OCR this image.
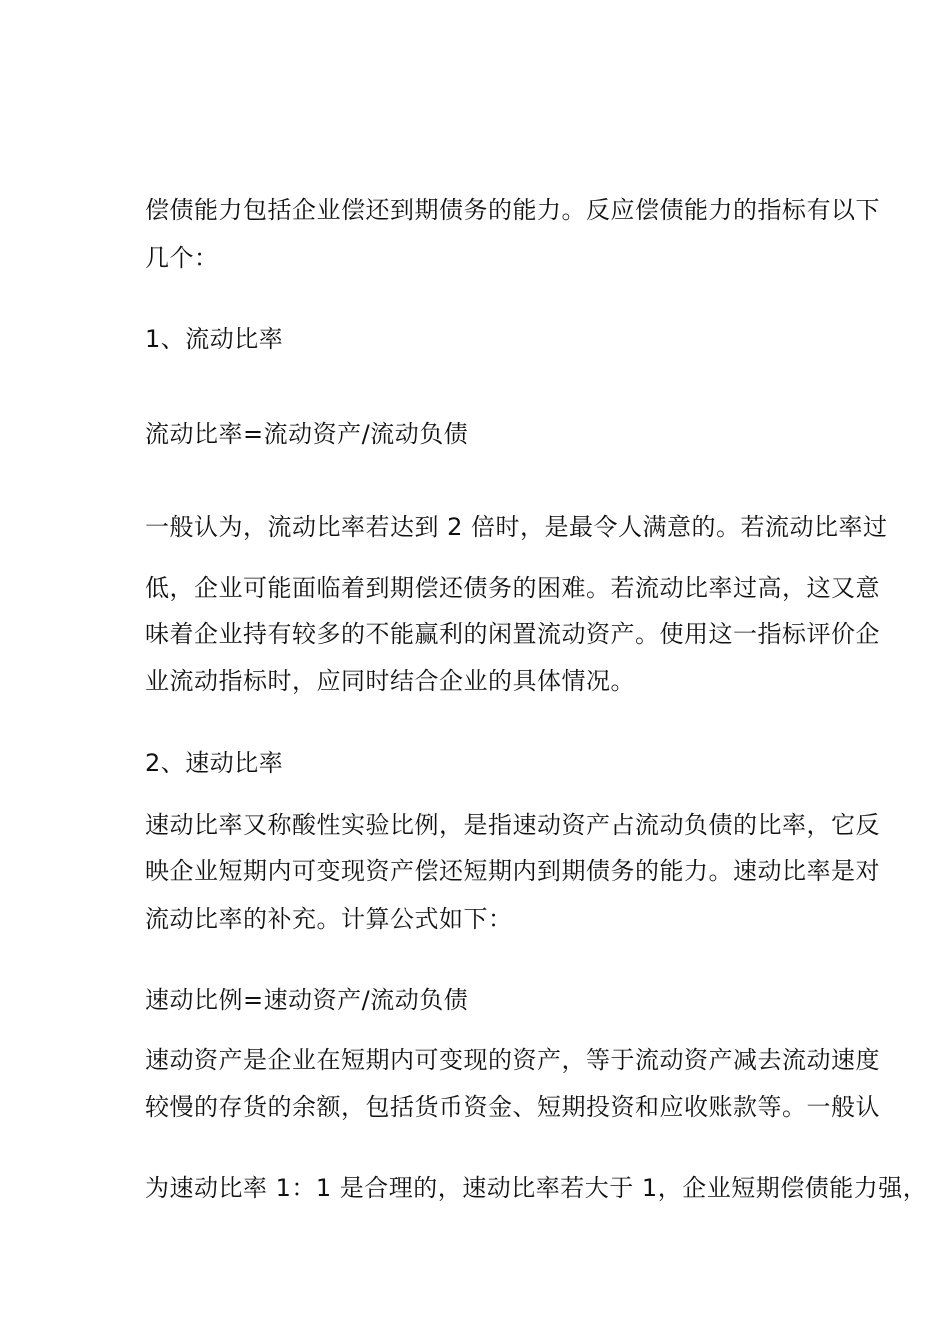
偿债能力包括企业偿还到期债务的能力。反应偿债能力的指标有以下
几个：
1、流动比率
流动比率=流动资产/流动负债
一般认为，流动比率若达到 2 倍时，是最令人满意的。若流动比率过
低，企业可能面临着到期偿还债务的困难。若流动比率过高，这又意
味着企业持有较多的不能赢利的闲置流动资产。使用这一指标评价企
业流动指标时，应同时结合企业的具体情况。
2、速动比率
速动比率又称酸性实验比例，是指速动资产占流动负债的比率，它反
映企业短期内可变现资产偿还短期内到期债务的能力。速动比率是对
流动比率的补充。计算公式如下：
速动比例=速动资产/流动负债
速动资产是企业在短期内可变现的资产，等于流动资产减去流动速度
较慢的存货的余额，包括货币资金、短期投资和应收账款等。一般认
为速动比率 1：1 是合理的，速动比率若大于 1，企业短期偿债能力强，
